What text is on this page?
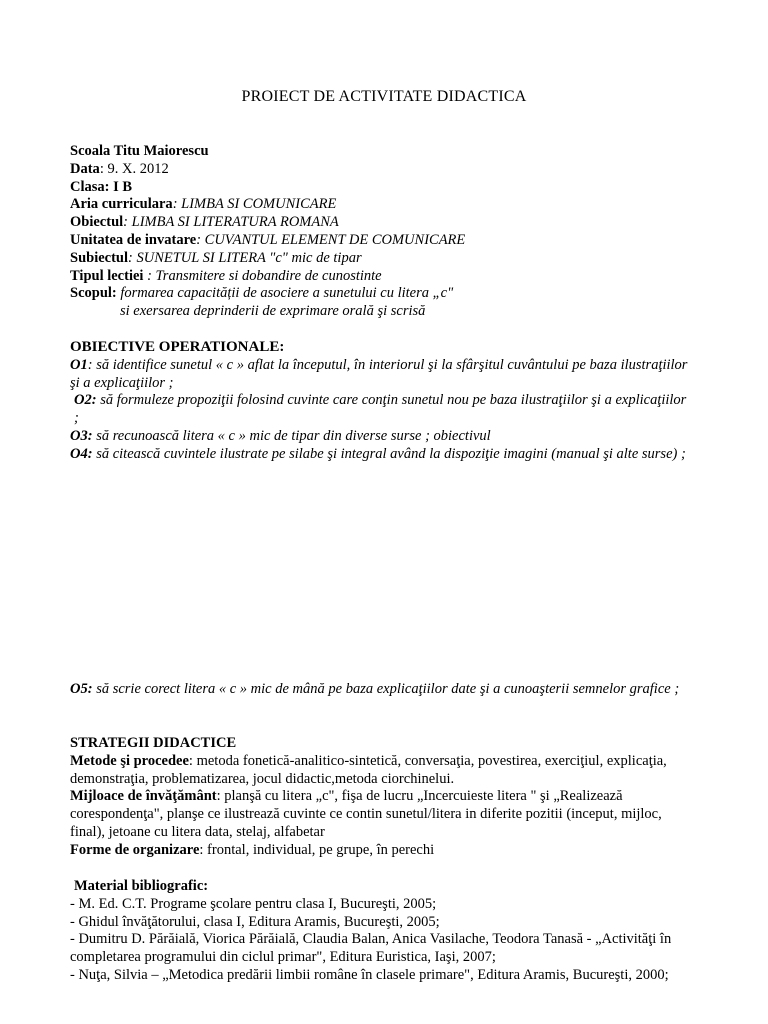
PROIECT DE ACTIVITATE DIDACTICA
Scoala Titu Maiorescu
Data: 9. X. 2012
Clasa: I B
Aria curriculara: LIMBA SI COMUNICARE
Obiectul: LIMBA SI LITERATURA ROMANA
Unitatea de invatare: CUVANTUL ELEMENT DE COMUNICARE
Subiectul: SUNETUL SI LITERA "c" mic de tipar
Tipul lectiei : Transmitere si dobandire de cunostinte
Scopul: formarea capacității de asociere a sunetului cu litera „c"
si exersarea deprinderii de exprimare orală şi scrisă
OBIECTIVE OPERATIONALE:

O1: să identifice sunetul « c » aflat la începutul, în interiorul şi la sfârşitul cuvântului pe baza ilustraţiilor şi a explicaţiilor ;

O2: să formuleze propoziţii folosind cuvinte care conţin sunetul nou pe baza ilustraţiilor şi a explicaţiilor ;

O3: să recunoască litera « c » mic de tipar din diverse surse ; obiectivul

O4: să citească cuvintele ilustrate pe silabe şi integral având la dispoziţie imagini (manual şi alte surse) ;

O5: să scrie corect litera « c » mic de mână pe baza explicaţiilor date şi a cunoaşterii semnelor grafice ;

STRATEGII DIDACTICE

Metode şi procedee: metoda fonetică-analitico-sintetică, conversaţia, povestirea, exerciţiul, explicaţia, demonstraţia, problematizarea, jocul didactic,metoda ciorchinelui.

Mijloace de învăţământ: planşă cu litera „c", fişa de lucru „Incercuieste litera " şi „Realizează corespondenţa", planşe ce ilustrează cuvinte ce contin sunetul/litera in diferite pozitii (inceput, mijloc, final), jetoane cu litera data, stelaj, alfabetar

Forme de organizare: frontal, individual, pe grupe, în perechi

Material bibliografic:

- M. Ed. C.T. Programe şcolare pentru clasa I, Bucureşti, 2005;

- Ghidul învăţătorului, clasa I, Editura Aramis, Bucureşti, 2005;

- Dumitru D. Părăială, Viorica Părăială, Claudia Balan, Anica Vasilache, Teodora Tanasă - „Activităţi în completarea programului din ciclul primar", Editura Euristica, Iaşi, 2007;

- Nuţa, Silvia – „Metodica predării limbii române în clasele primare", Editura Aramis, Bucureşti, 2000;
